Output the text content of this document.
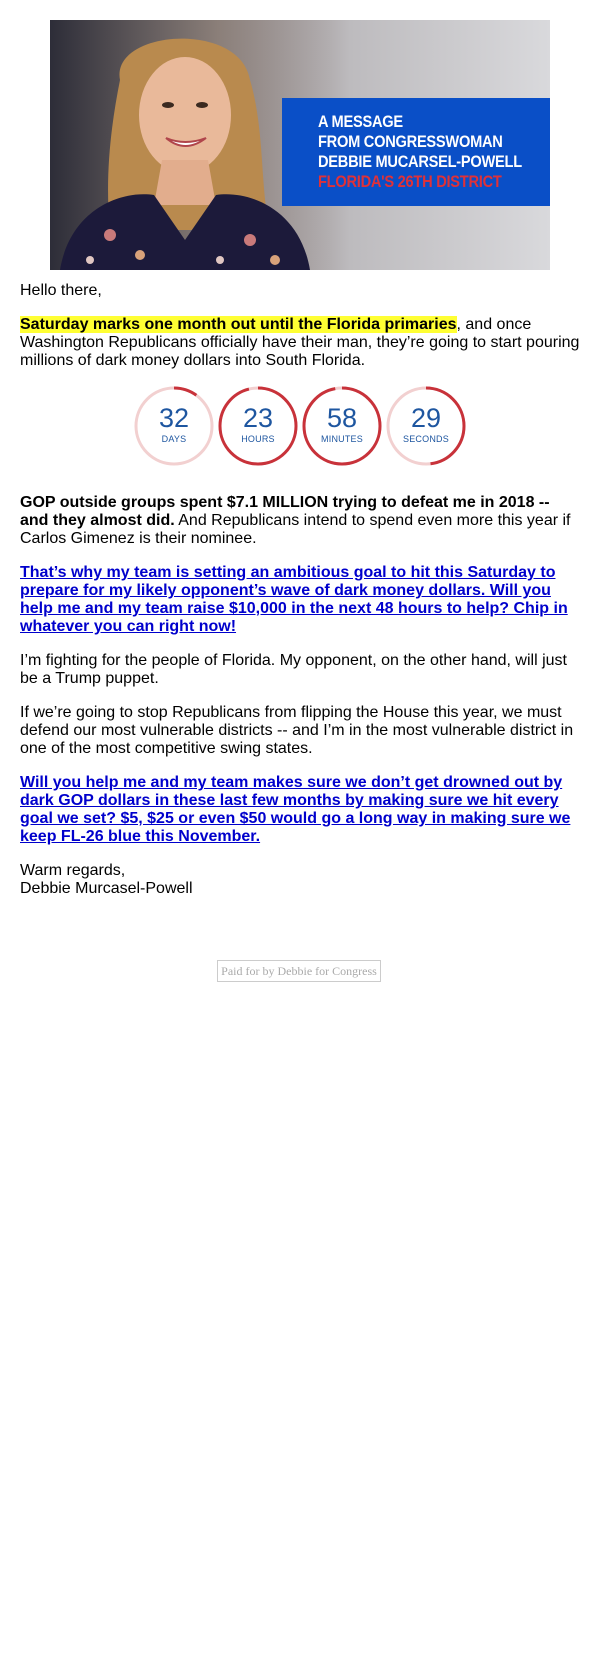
A MESSAGE
FROM CONGRESSWOMAN
DEBBIE MUCARSEL-POWELL
FLORIDA'S 26TH DISTRICT

Hello there,

Saturday marks one month out until the Florida primaries, and once Washington Republicans officially have their man, they’re going to start pouring millions of dark money dollars into South Florida.

32
DAYS
23
HOURS
58
MINUTES
29
SECONDS

GOP outside groups spent $7.1 MILLION trying to defeat me in 2018 -- and they almost did. And Republicans intend to spend even more this year if Carlos Gimenez is their nominee.

That’s why my team is setting an ambitious goal to hit this Saturday to prepare for my likely opponent’s wave of dark money dollars. Will you help me and my team raise $10,000 in the next 48 hours to help? Chip in whatever you can right now!

I’m fighting for the people of Florida. My opponent, on the other hand, will just be a Trump puppet.

If we’re going to stop Republicans from flipping the House this year, we must defend our most vulnerable districts -- and I’m in the most vulnerable district in one of the most competitive swing states.

Will you help me and my team makes sure we don’t get drowned out by dark GOP dollars in these last few months by making sure we hit every goal we set? $5, $25 or even $50 would go a long way in making sure we keep FL-26 blue this November.

Warm regards,
Debbie Murcasel-Powell

Paid for by Debbie for Congress
